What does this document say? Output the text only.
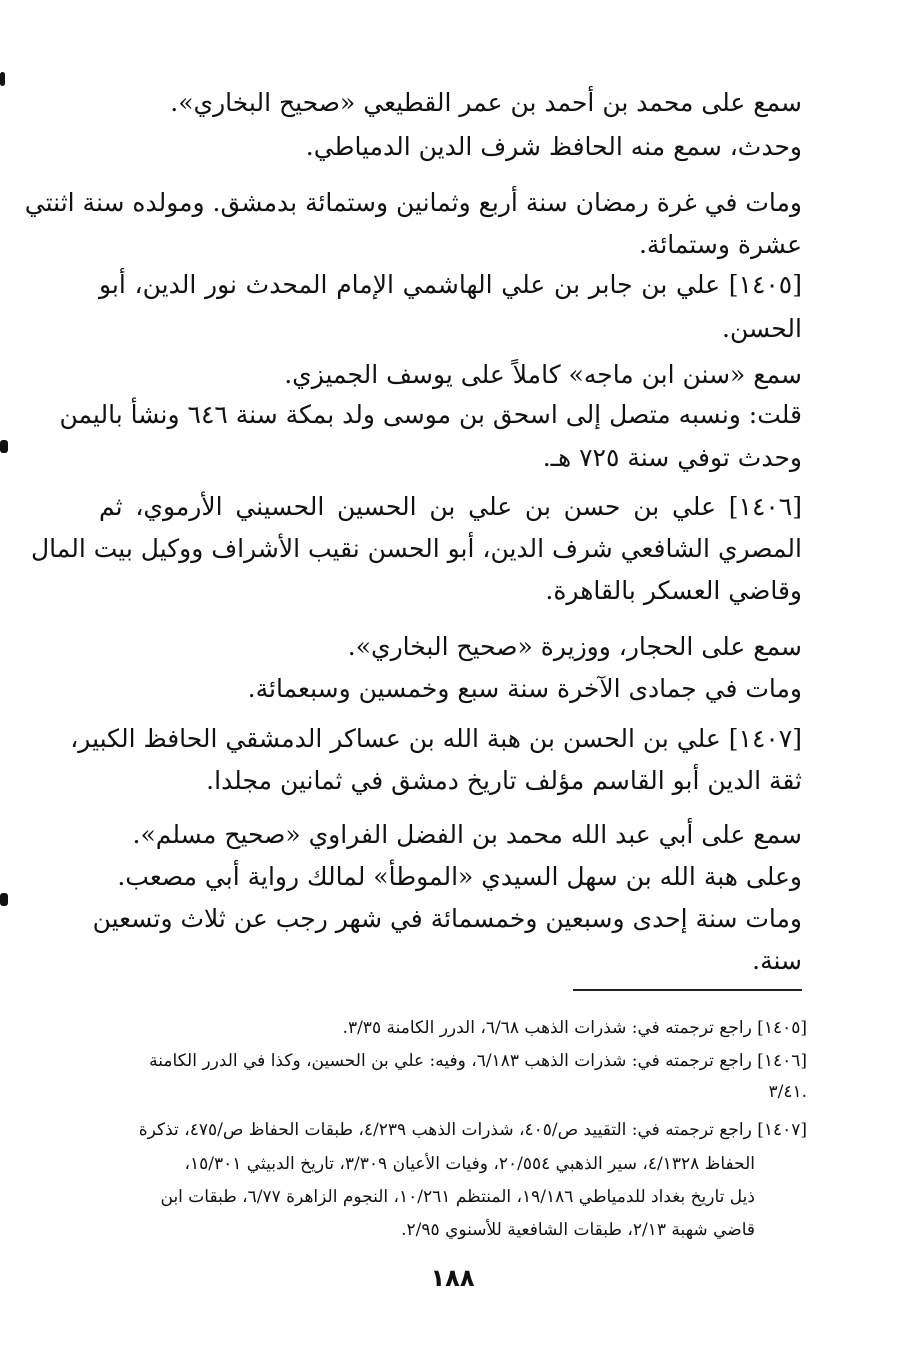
سمع على محمد بن أحمد بن عمر القطيعي «صحيح البخاري».
وحدث، سمع منه الحافظ شرف الدين الدمياطي.
ومات في غرة رمضان سنة أربع وثمانين وستمائة بدمشق. ومولده سنة اثنتي
عشرة وستمائة.
[١٤٠٥] علي بن جابر بن علي الهاشمي الإمام المحدث نور الدين، أبو
الحسن.
سمع «سنن ابن ماجه» كاملاً على يوسف الجميزي.
قلت: ونسبه متصل إلى اسحق بن موسى ولد بمكة سنة ٦٤٦ ونشأ باليمن
وحدث توفي سنة ٧٢٥ هـ.
[١٤٠٦] علي بن حسن بن علي بن الحسين الحسيني الأرموي، ثم
المصري الشافعي شرف الدين، أبو الحسن نقيب الأشراف ووكيل بيت المال
وقاضي العسكر بالقاهرة.
سمع على الحجار، ووزيرة «صحيح البخاري».
ومات في جمادى الآخرة سنة سبع وخمسين وسبعمائة.
[١٤٠٧] علي بن الحسن بن هبة الله بن عساكر الدمشقي الحافظ الكبير،
ثقة الدين أبو القاسم مؤلف تاريخ دمشق في ثمانين مجلدا.
سمع على أبي عبد الله محمد بن الفضل الفراوي «صحيح مسلم».
وعلى هبة الله بن سهل السيدي «الموطأ» لمالك رواية أبي مصعب.
ومات سنة إحدى وسبعين وخمسمائة في شهر رجب عن ثلاث وتسعين
سنة.
[١٤٠٥] راجع ترجمته في: شذرات الذهب ٦/٦٨، الدرر الكامنة ٣/٣٥.
[١٤٠٦] راجع ترجمته في: شذرات الذهب ٦/١٨٣، وفيه: علي بن الحسين، وكذا في الدرر الكامنة
٣/٤١.
[١٤٠٧] راجع ترجمته في: التقييد ص/٤٠٥، شذرات الذهب ٤/٢٣٩، طبقات الحفاظ ص/٤٧٥، تذكرة
الحفاظ ٤/١٣٢٨، سير الذهبي ٢٠/٥٥٤، وفيات الأعيان ٣/٣٠٩، تاريخ الدبيثي ١٥/٣٠١،
ذيل تاريخ بغداد للدمياطي ١٩/١٨٦، المنتظم ١٠/٢٦١، النجوم الزاهرة ٦/٧٧، طبقات ابن
قاضي شهبة ٢/١٣، طبقات الشافعية للأسنوي ٢/٩٥.
١٨٨
